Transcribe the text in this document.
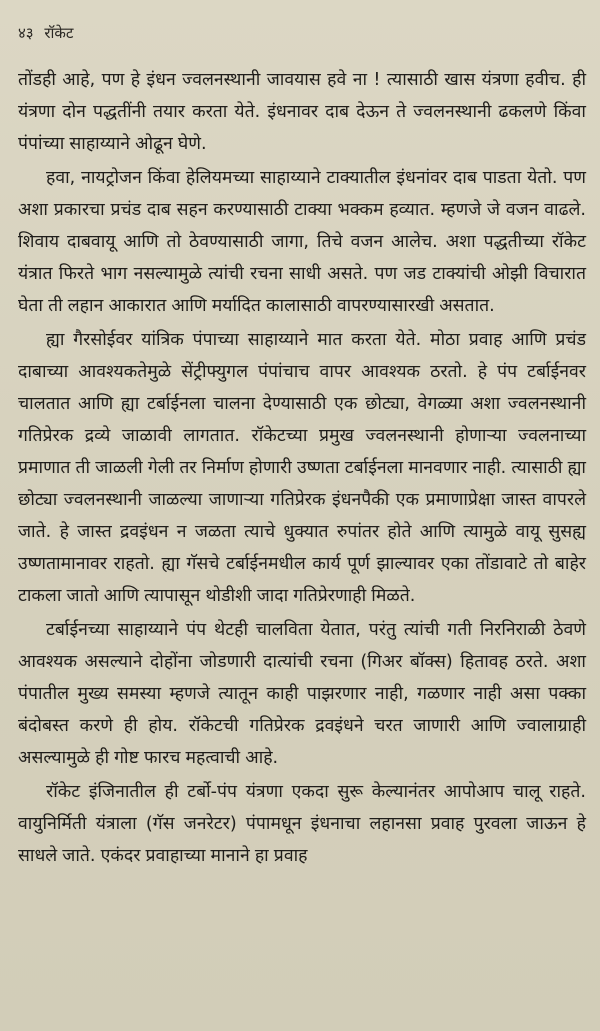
४३ रॉकेट

तोंडही आहे, पण हे इंधन ज्वलनस्थानी जावयास हवे ना ! त्यासाठी खास यंत्रणा हवीच. ही यंत्रणा दोन पद्धतींनी तयार करता येते. इंधनावर दाब देऊन ते ज्वलनस्थानी ढकलणे किंवा पंपांच्या साहाय्याने ओढून घेणे.

हवा, नायट्रोजन किंवा हेलियमच्या साहाय्याने टाक्यातील इंधनांवर दाब पाडता येतो. पण अशा प्रकारचा प्रचंड दाब सहन करण्यासाठी टाक्या भक्कम हव्यात. म्हणजे जे वजन वाढले. शिवाय दाबवायू आणि तो ठेवण्यासाठी जागा, तिचे वजन आलेच. अशा पद्धतीच्या रॉकेट यंत्रात फिरते भाग नसल्यामुळे त्यांची रचना साधी असते. पण जड टाक्यांची ओझी विचारात घेता ती लहान आकारात आणि मर्यादित कालासाठी वापरण्यासारखी असतात.

ह्या गैरसोईवर यांत्रिक पंपाच्या साहाय्याने मात करता येते. मोठा प्रवाह आणि प्रचंड दाबाच्या आवश्यकतेमुळे सेंट्रीफ्युगल पंपांचाच वापर आवश्यक ठरतो. हे पंप टर्बाईनवर चालतात आणि ह्या टर्बाईनला चालना देण्यासाठी एक छोट्या, वेगळ्या अशा ज्वलनस्थानी गतिप्रेरक द्रव्ये जाळावी लागतात. रॉकेटच्या प्रमुख ज्वलनस्थानी होणाऱ्या ज्वलनाच्या प्रमाणात ती जाळली गेली तर निर्माण होणारी उष्णता टर्बाईनला मानवणार नाही. त्यासाठी ह्या छोट्या ज्वलनस्थानी जाळल्या जाणाऱ्या गतिप्रेरक इंधनपैकी एक प्रमाणाप्रेक्षा जास्त वापरले जाते. हे जास्त द्रवइंधन न जळता त्याचे धुक्यात रुपांतर होते आणि त्यामुळे वायू सुसह्य उष्णतामानावर राहतो. ह्या गॅसचे टर्बाईनमधील कार्य पूर्ण झाल्यावर एका तोंडावाटे तो बाहेर टाकला जातो आणि त्यापासून थोडीशी जादा गतिप्रेरणाही मिळते.

टर्बाईनच्या साहाय्याने पंप थेटही चालविता येतात, परंतु त्यांची गती निरनिराळी ठेवणे आवश्यक असल्याने दोहोंना जोडणारी दात्यांची रचना (गिअर बॉक्स) हितावह ठरते. अशा पंपातील मुख्य समस्या म्हणजे त्यातून काही पाझरणार नाही, गळणार नाही असा पक्का बंदोबस्त करणे ही होय. रॉकेटची गतिप्रेरक द्रवइंधने चरत जाणारी आणि ज्वालाग्राही असल्यामुळे ही गोष्ट फारच महत्वाची आहे.

रॉकेट इंजिनातील ही टर्बो-पंप यंत्रणा एकदा सुरू केल्यानंतर आपोआप चालू राहते. वायुनिर्मिती यंत्राला (गॅस जनरेटर) पंपामधून इंधनाचा लहानसा प्रवाह पुरवला जाऊन हे साधले जाते. एकंदर प्रवाहाच्या मानाने हा प्रवाह
